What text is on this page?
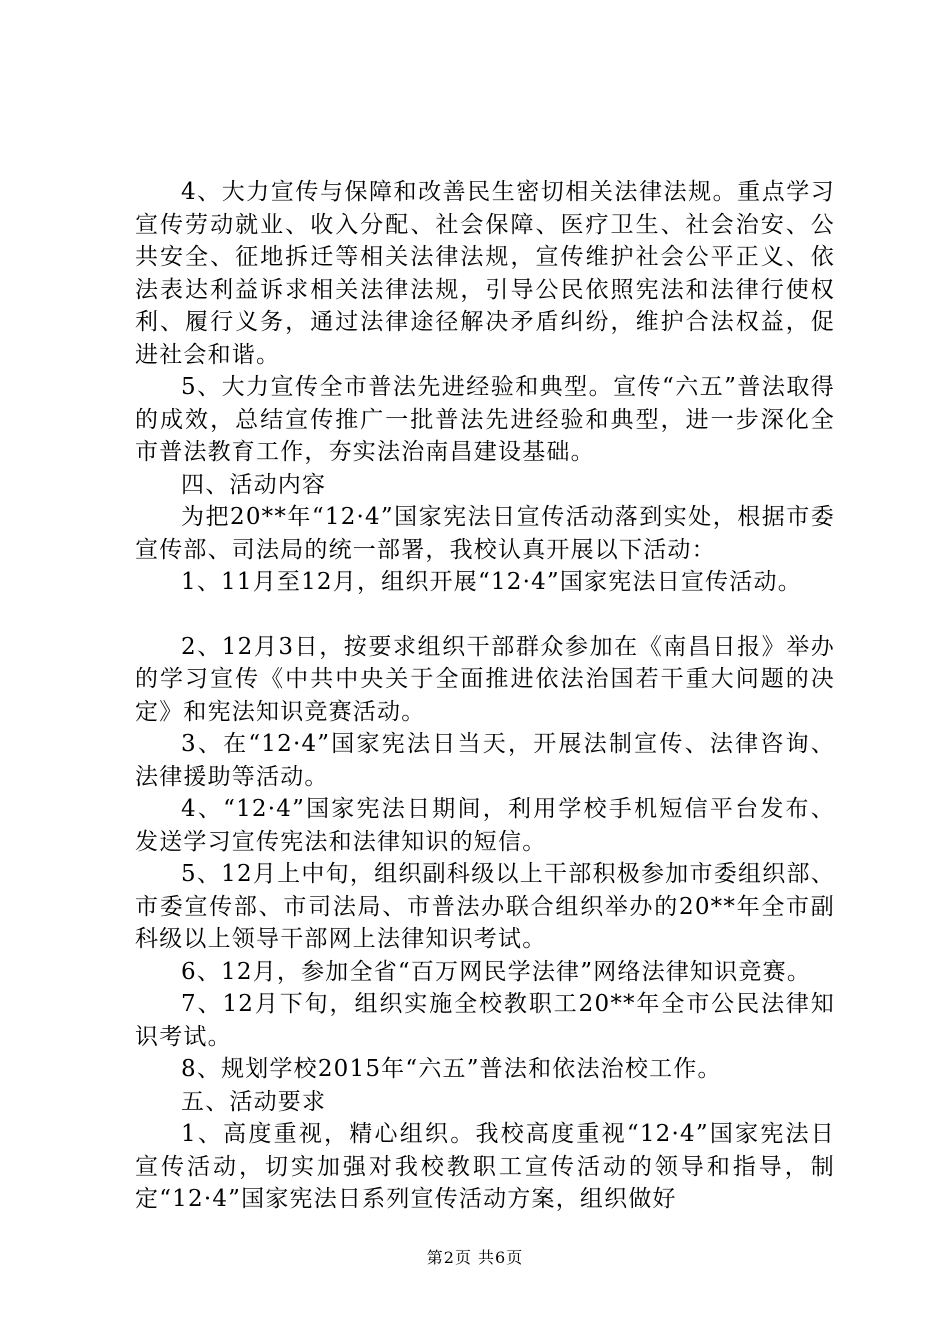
4、大力宣传与保障和改善民生密切相关法律法规。重点学习宣传劳动就业、收入分配、社会保障、医疗卫生、社会治安、公共安全、征地拆迁等相关法律法规，宣传维护社会公平正义、依法表达利益诉求相关法律法规，引导公民依照宪法和法律行使权利、履行义务，通过法律途径解决矛盾纠纷，维护合法权益，促进社会和谐。

5、大力宣传全市普法先进经验和典型。宣传“六五”普法取得的成效，总结宣传推广一批普法先进经验和典型，进一步深化全市普法教育工作，夯实法治南昌建设基础。

四、活动内容

为把20**年“12·4”国家宪法日宣传活动落到实处，根据市委宣传部、司法局的统一部署，我校认真开展以下活动：

1、11月至12月，组织开展“12·4”国家宪法日宣传活动。

2、12月3日，按要求组织干部群众参加在《南昌日报》举办的学习宣传《中共中央关于全面推进依法治国若干重大问题的决定》和宪法知识竞赛活动。

3、在“12·4”国家宪法日当天，开展法制宣传、法律咨询、法律援助等活动。

4、“12·4”国家宪法日期间，利用学校手机短信平台发布、发送学习宣传宪法和法律知识的短信。

5、12月上中旬，组织副科级以上干部积极参加市委组织部、市委宣传部、市司法局、市普法办联合组织举办的20**年全市副科级以上领导干部网上法律知识考试。

6、12月，参加全省“百万网民学法律”网络法律知识竞赛。

7、12月下旬，组织实施全校教职工20**年全市公民法律知识考试。

8、规划学校2015年“六五”普法和依法治校工作。

五、活动要求

1、高度重视，精心组织。我校高度重视“12·4”国家宪法日宣传活动，切实加强对我校教职工宣传活动的领导和指导，制定“12·4”国家宪法日系列宣传活动方案，组织做好

第2页 共6页
